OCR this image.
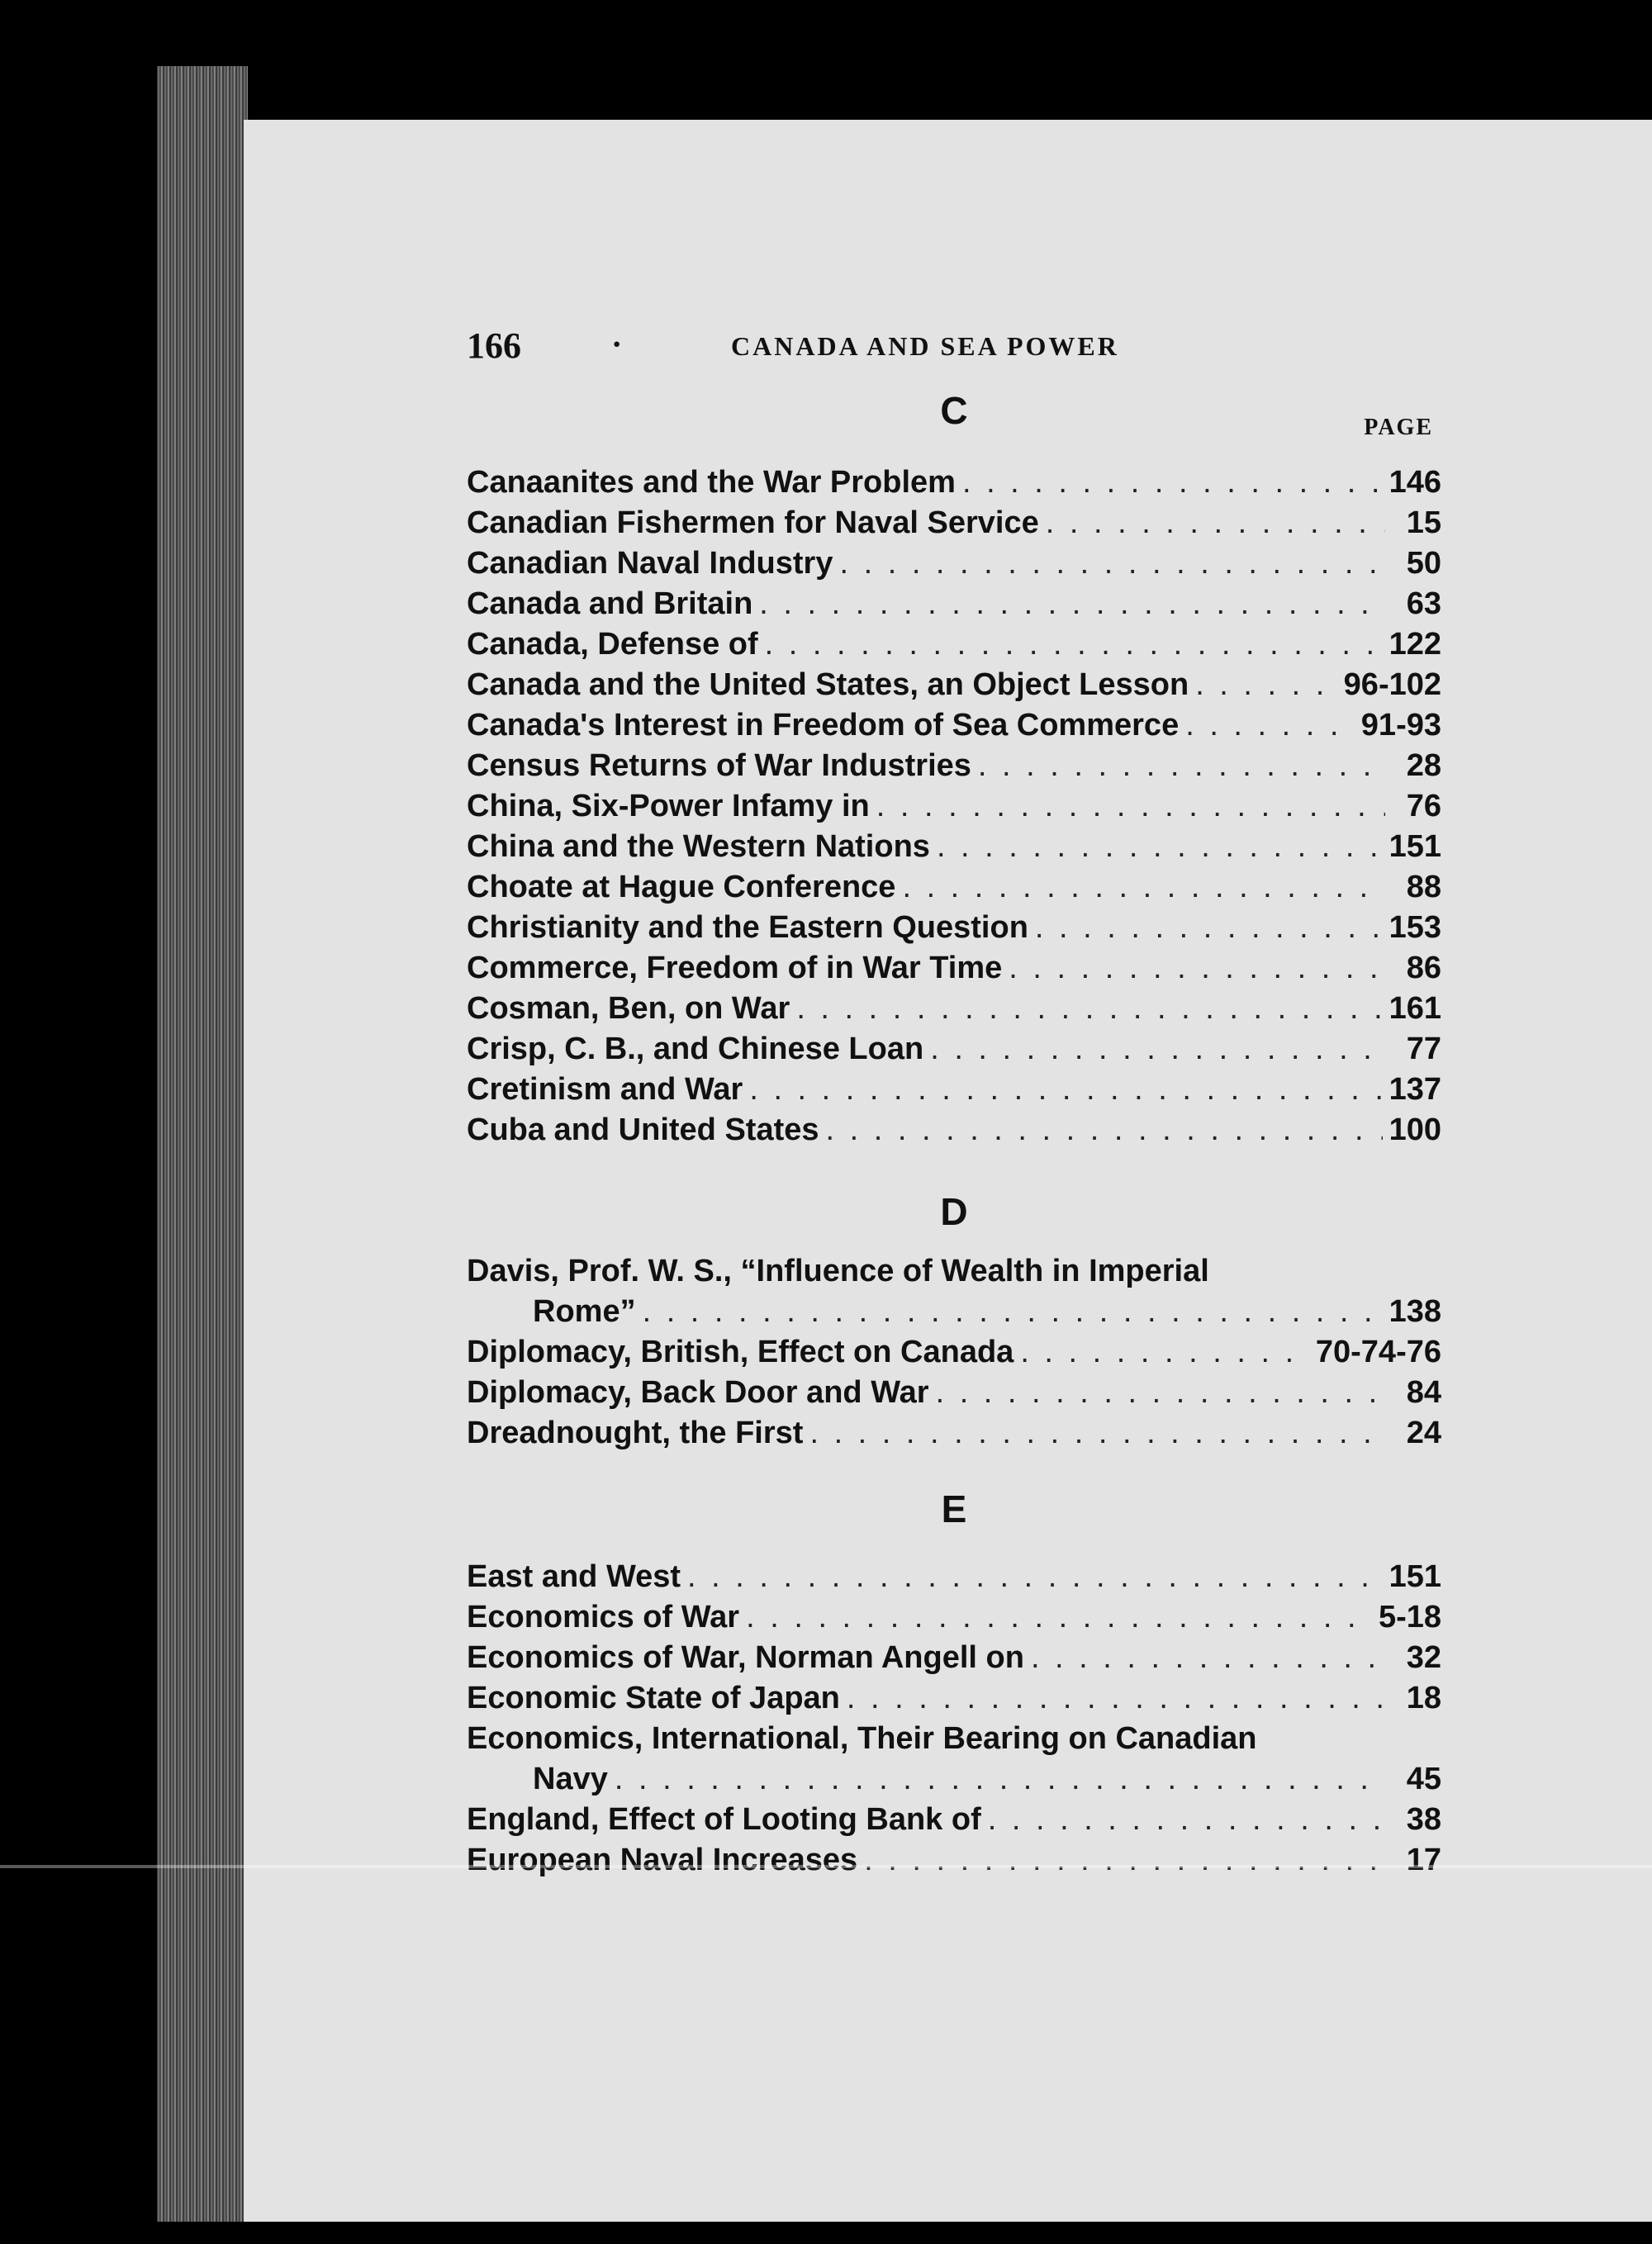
166	·	CANADA AND SEA POWER
C	PAGE
Canaanites and the War Problem . . .	146
Canadian Fishermen for Naval Service . . .	15
Canadian Naval Industry . . .	50
Canada and Britain . . .	63
Canada, Defense of . . .	122
Canada and the United States, an Object Lesson . . .	96-102
Canada's Interest in Freedom of Sea Commerce . . .	91-93
Census Returns of War Industries . . .	28
China, Six-Power Infamy in . . .	76
China and the Western Nations . . .	151
Choate at Hague Conference . . .	88
Christianity and the Eastern Question . . .	153
Commerce, Freedom of in War Time . . .	86
Cosman, Ben, on War . . .	161
Crisp, C. B., and Chinese Loan . . .	77
Cretinism and War . . .	137
Cuba and United States . . .	100
D
Davis, Prof. W. S., “Influence of Wealth in Imperial
Rome” . . .	138
Diplomacy, British, Effect on Canada . . .	70-74-76
Diplomacy, Back Door and War . . .	84
Dreadnought, the First . . .	24
E
East and West . . .	151
Economics of War . . .	5-18
Economics of War, Norman Angell on . . .	32
Economic State of Japan . . .	18
Economics, International, Their Bearing on Canadian
Navy . . .	45
England, Effect of Looting Bank of . . .	38
European Naval Increases . . .	17
